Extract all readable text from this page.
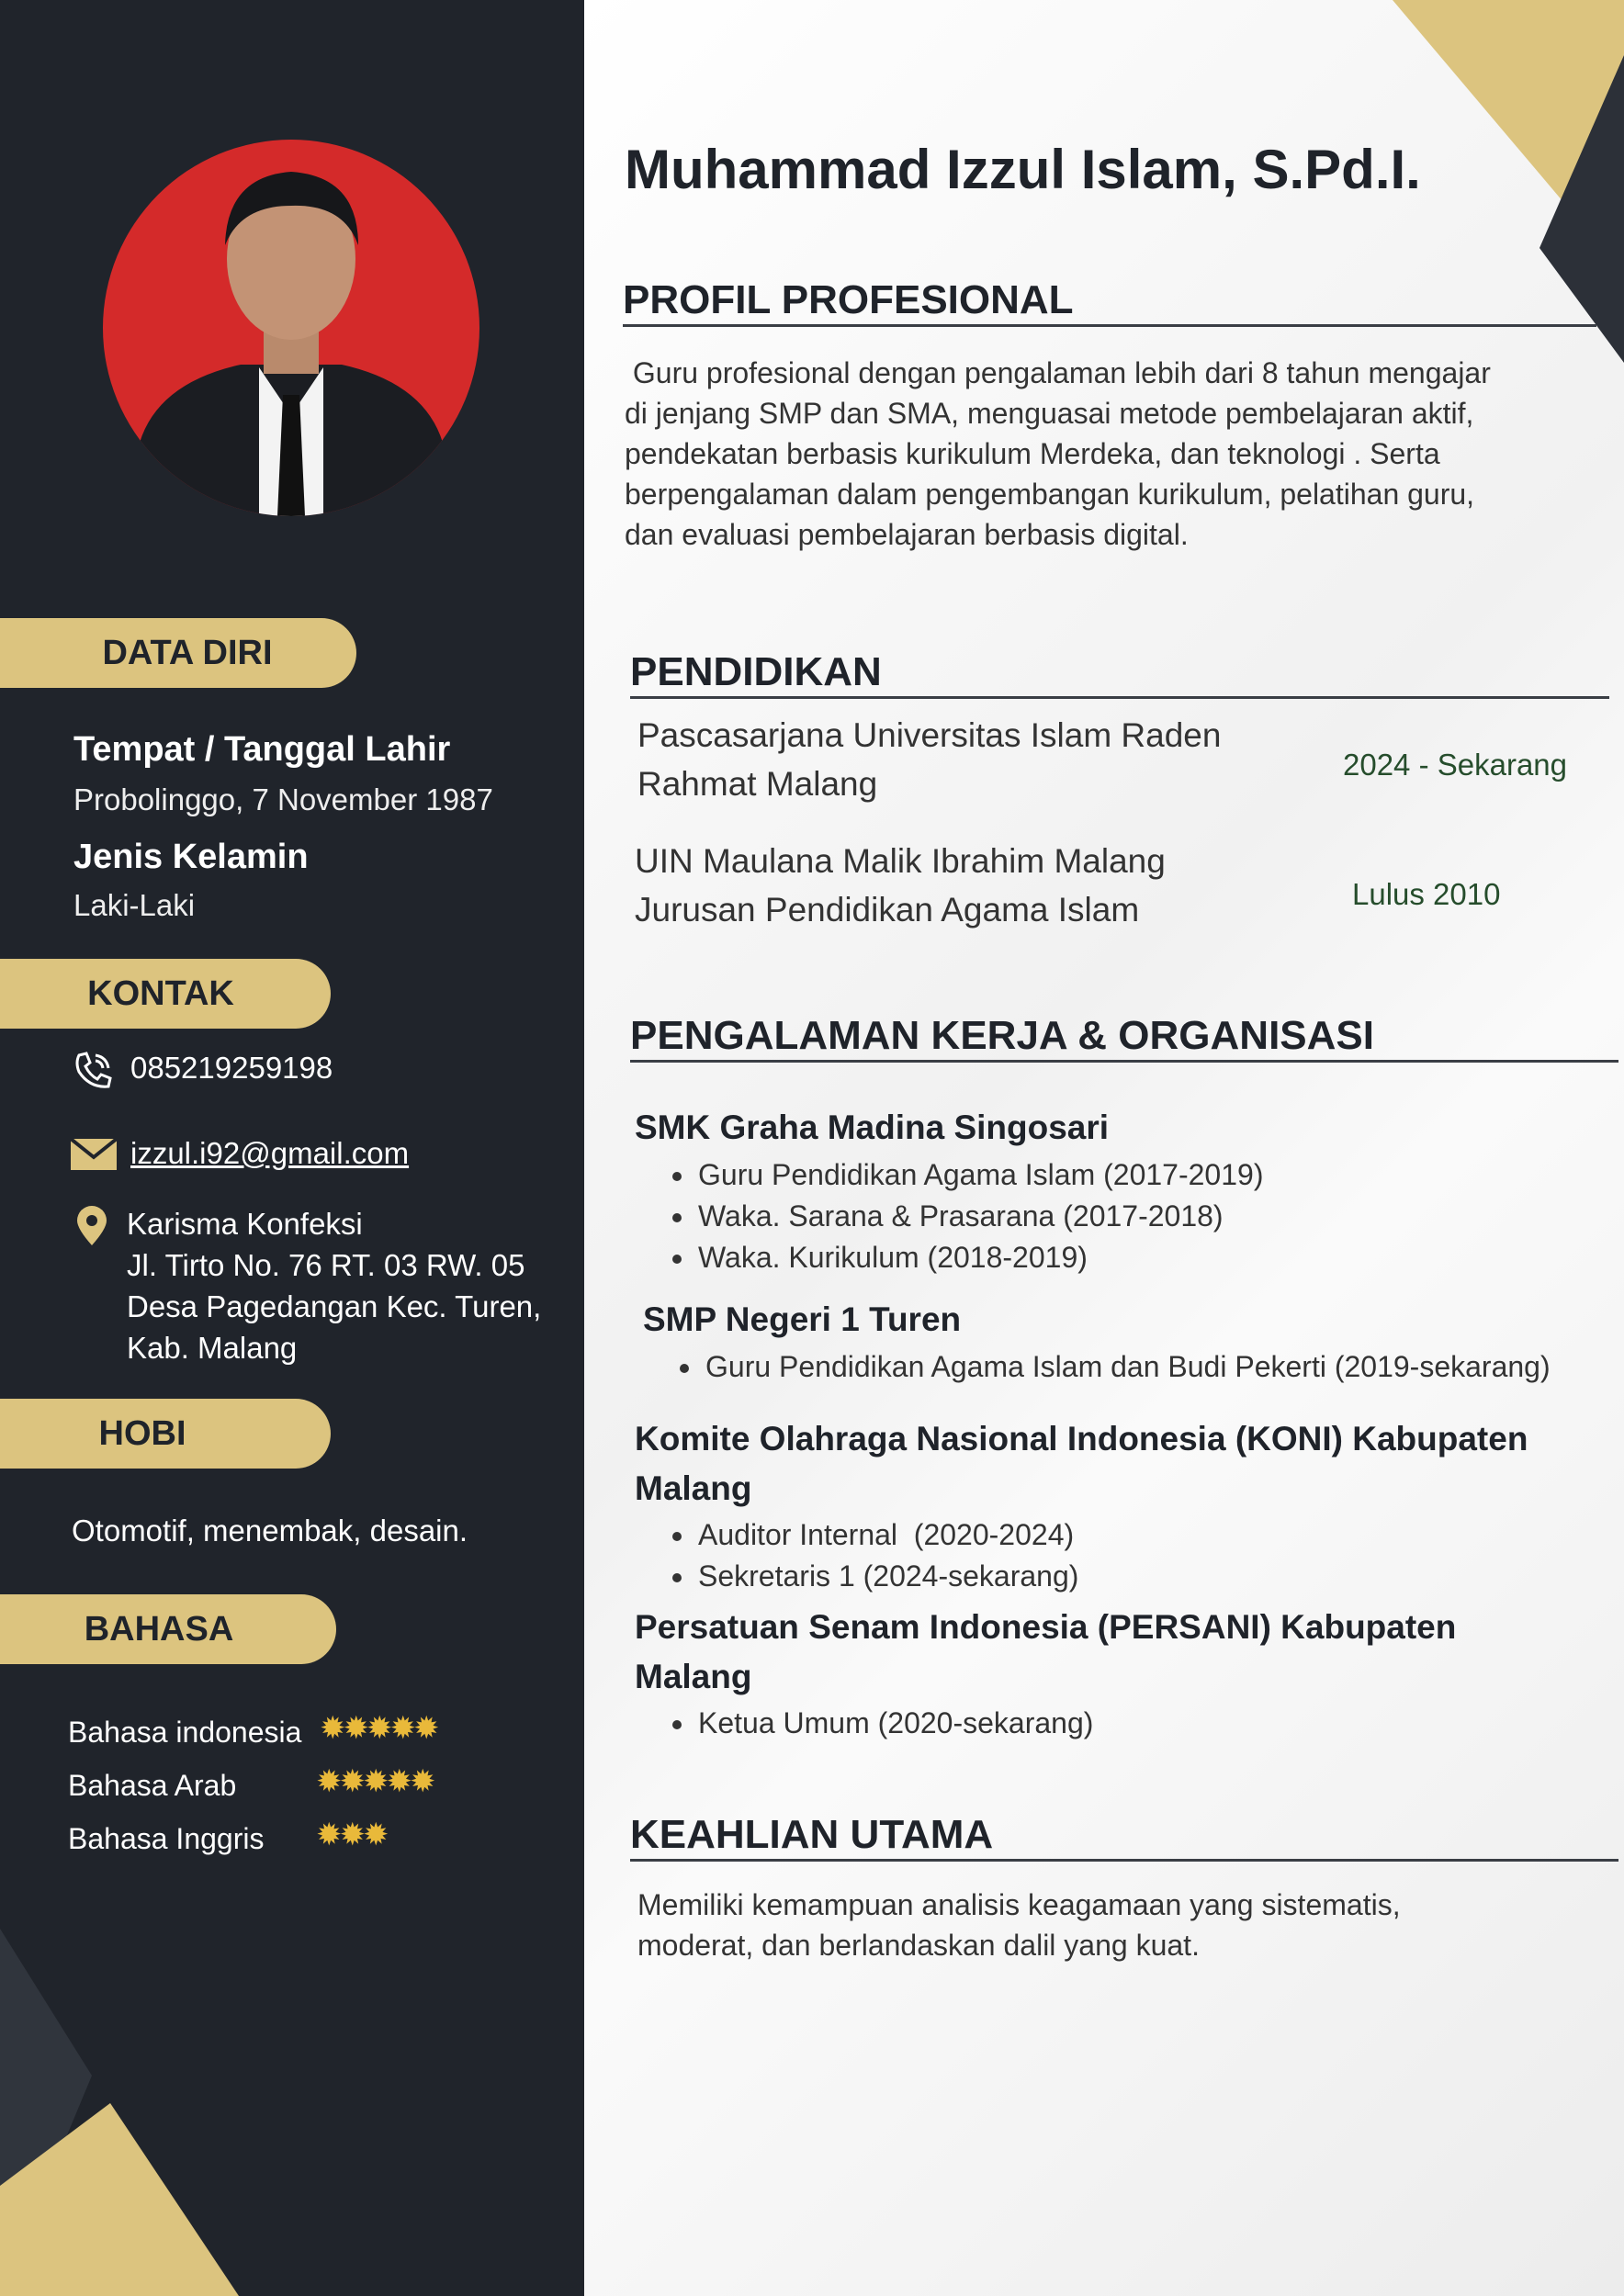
DATA DIRI
Tempat / Tanggal Lahir
Probolinggo, 7 November 1987
Jenis Kelamin
Laki-Laki
KONTAK
085219259198
izzul.i92@gmail.com
Karisma Konfeksi
Jl. Tirto No. 76 RT. 03 RW. 05
Desa Pagedangan Kec. Turen,
Kab. Malang
HOBI
Otomotif, menembak, desain.
BAHASA
Bahasa indonesia ✹✹✹✹✹
Bahasa Arab	✹✹✹✹✹
Bahasa Inggris ✹✹✹
Muhammad Izzul Islam, S.Pd.I.
PROFIL PROFESIONAL
Guru profesional dengan pengalaman lebih dari 8 tahun mengajar
di jenjang SMP dan SMA, menguasai metode pembelajaran aktif,
pendekatan berbasis kurikulum Merdeka, dan teknologi . Serta
berpengalaman dalam pengembangan kurikulum, pelatihan guru,
dan evaluasi pembelajaran berbasis digital.
PENDIDIKAN
Pascasarjana Universitas Islam Raden
Rahmat Malang
2024 - Sekarang
UIN Maulana Malik Ibrahim Malang
Jurusan Pendidikan Agama Islam	Lulus 2010
PENGALAMAN KERJA & ORGANISASI
SMK Graha Madina Singosari
• Guru Pendidikan Agama Islam (2017-2019)
• Waka. Sarana & Prasarana (2017-2018)
• Waka. Kurikulum (2018-2019)
SMP Negeri 1 Turen
• Guru Pendidikan Agama Islam dan Budi Pekerti (2019-sekarang)
Komite Olahraga Nasional Indonesia (KONI) Kabupaten
Malang
• Auditor Internal  (2020-2024)
• Sekretaris 1 (2024-sekarang)
Persatuan Senam Indonesia (PERSANI) Kabupaten
Malang
• Ketua Umum (2020-sekarang)
KEAHLIAN UTAMA
Memiliki kemampuan analisis keagamaan yang sistematis,
moderat, dan berlandaskan dalil yang kuat.
